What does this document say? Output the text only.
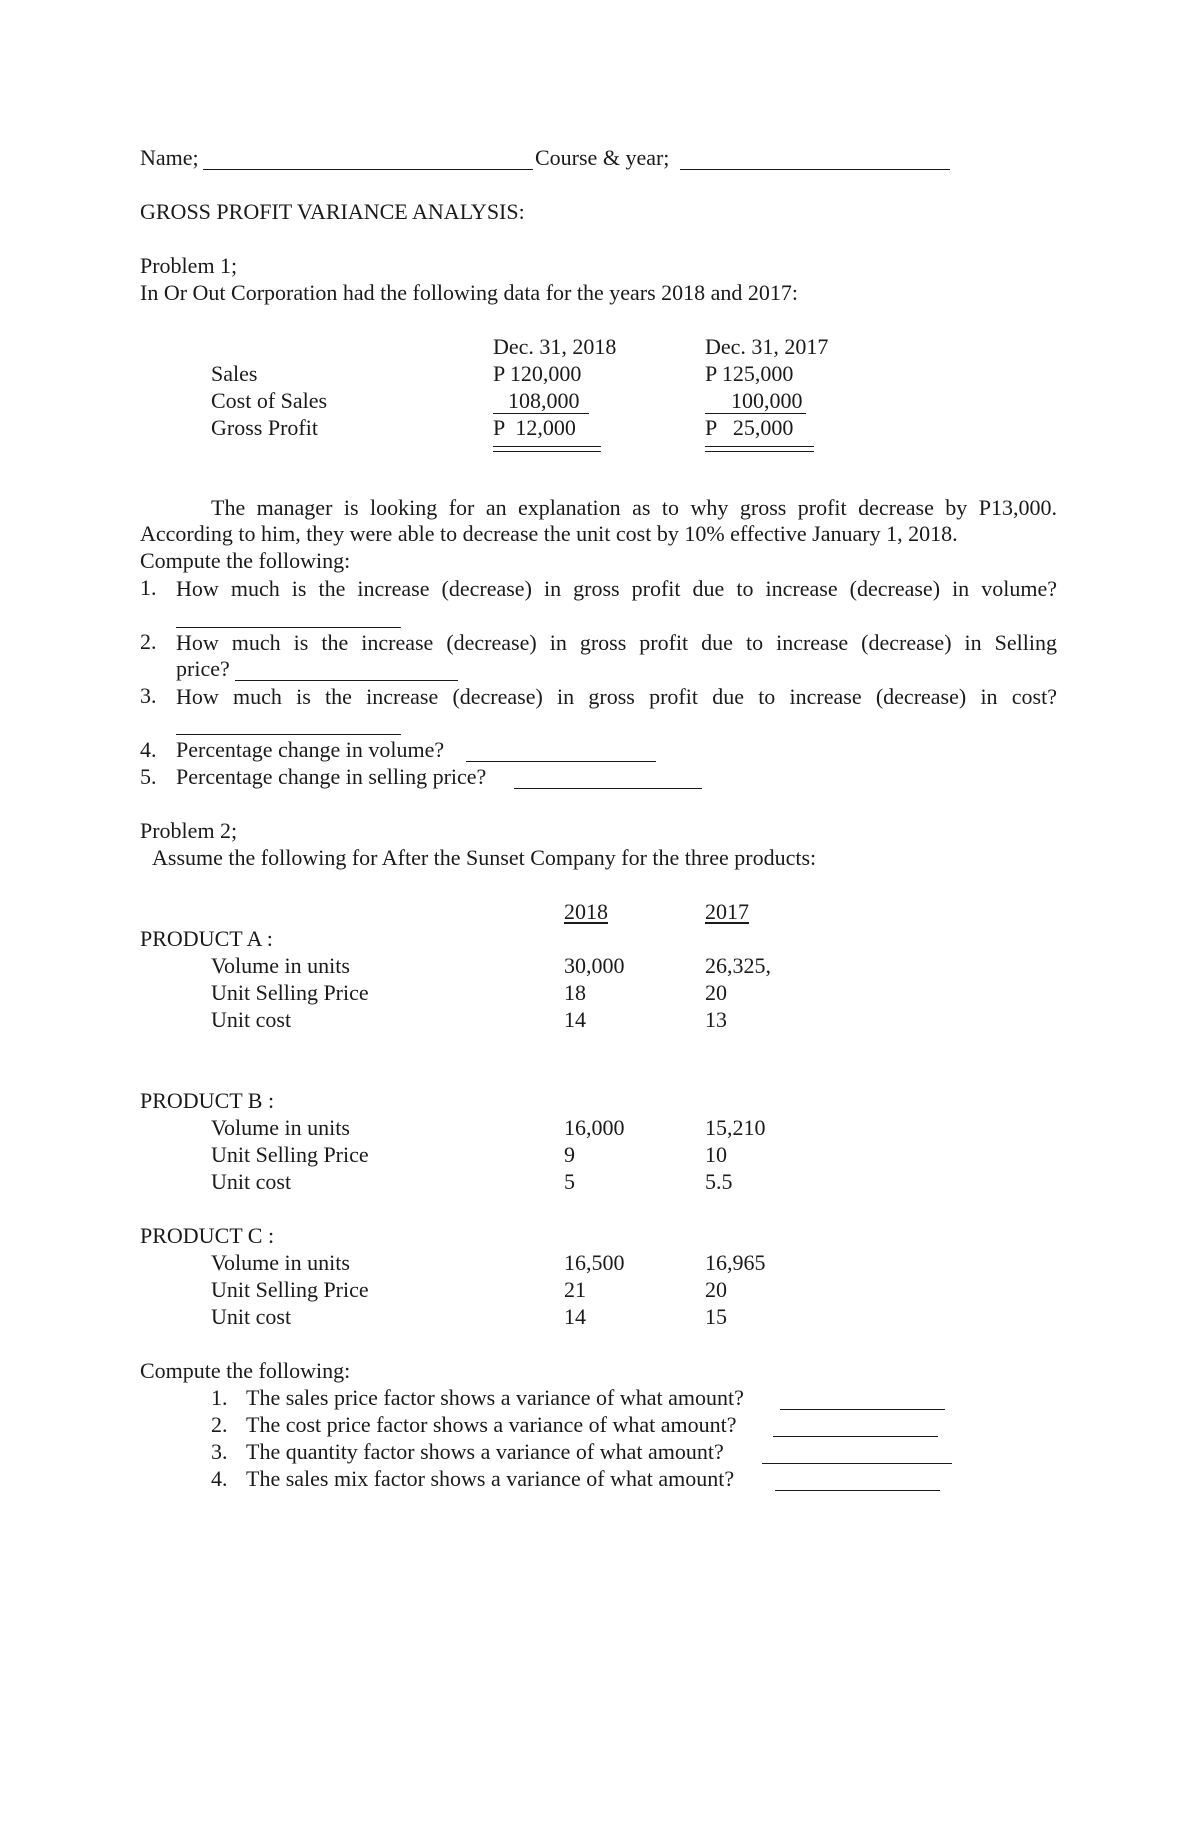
Name;	Course & year;
GROSS PROFIT VARIANCE ANALYSIS:
Problem 1;
In Or Out Corporation had the following data for the years 2018 and 2017:
Dec. 31, 2018	Dec. 31, 2017
Sales	P 120,000	P 125,000
Cost of Sales	108,000	100,000
Gross Profit	P  12,000	P   25,000
The manager is looking for an explanation as to why gross profit decrease by P13,000.
According to him, they were able to decrease the unit cost by 10% effective January 1, 2018.
Compute the following:
1. How much is the increase (decrease) in gross profit due to increase (decrease) in volume?
2. How much is the increase (decrease) in gross profit due to increase (decrease) in Selling
price?
3. How much is the increase (decrease) in gross profit due to increase (decrease) in cost?
4. Percentage change in volume?
5. Percentage change in selling price?
Problem 2;
Assume the following for After the Sunset Company for the three products:
2018	2017
PRODUCT A :
Volume in units	30,000	26,325,
Unit Selling Price	18	20
Unit cost	14	13
PRODUCT B :
Volume in units	16,000	15,210
Unit Selling Price	9	10
Unit cost	5	5.5
PRODUCT C :
Volume in units	16,500	16,965
Unit Selling Price	21	20
Unit cost	14	15
Compute the following:
1. The sales price factor shows a variance of what amount?
2. The cost price factor shows a variance of what amount?
3. The quantity factor shows a variance of what amount?
4. The sales mix factor shows a variance of what amount?
